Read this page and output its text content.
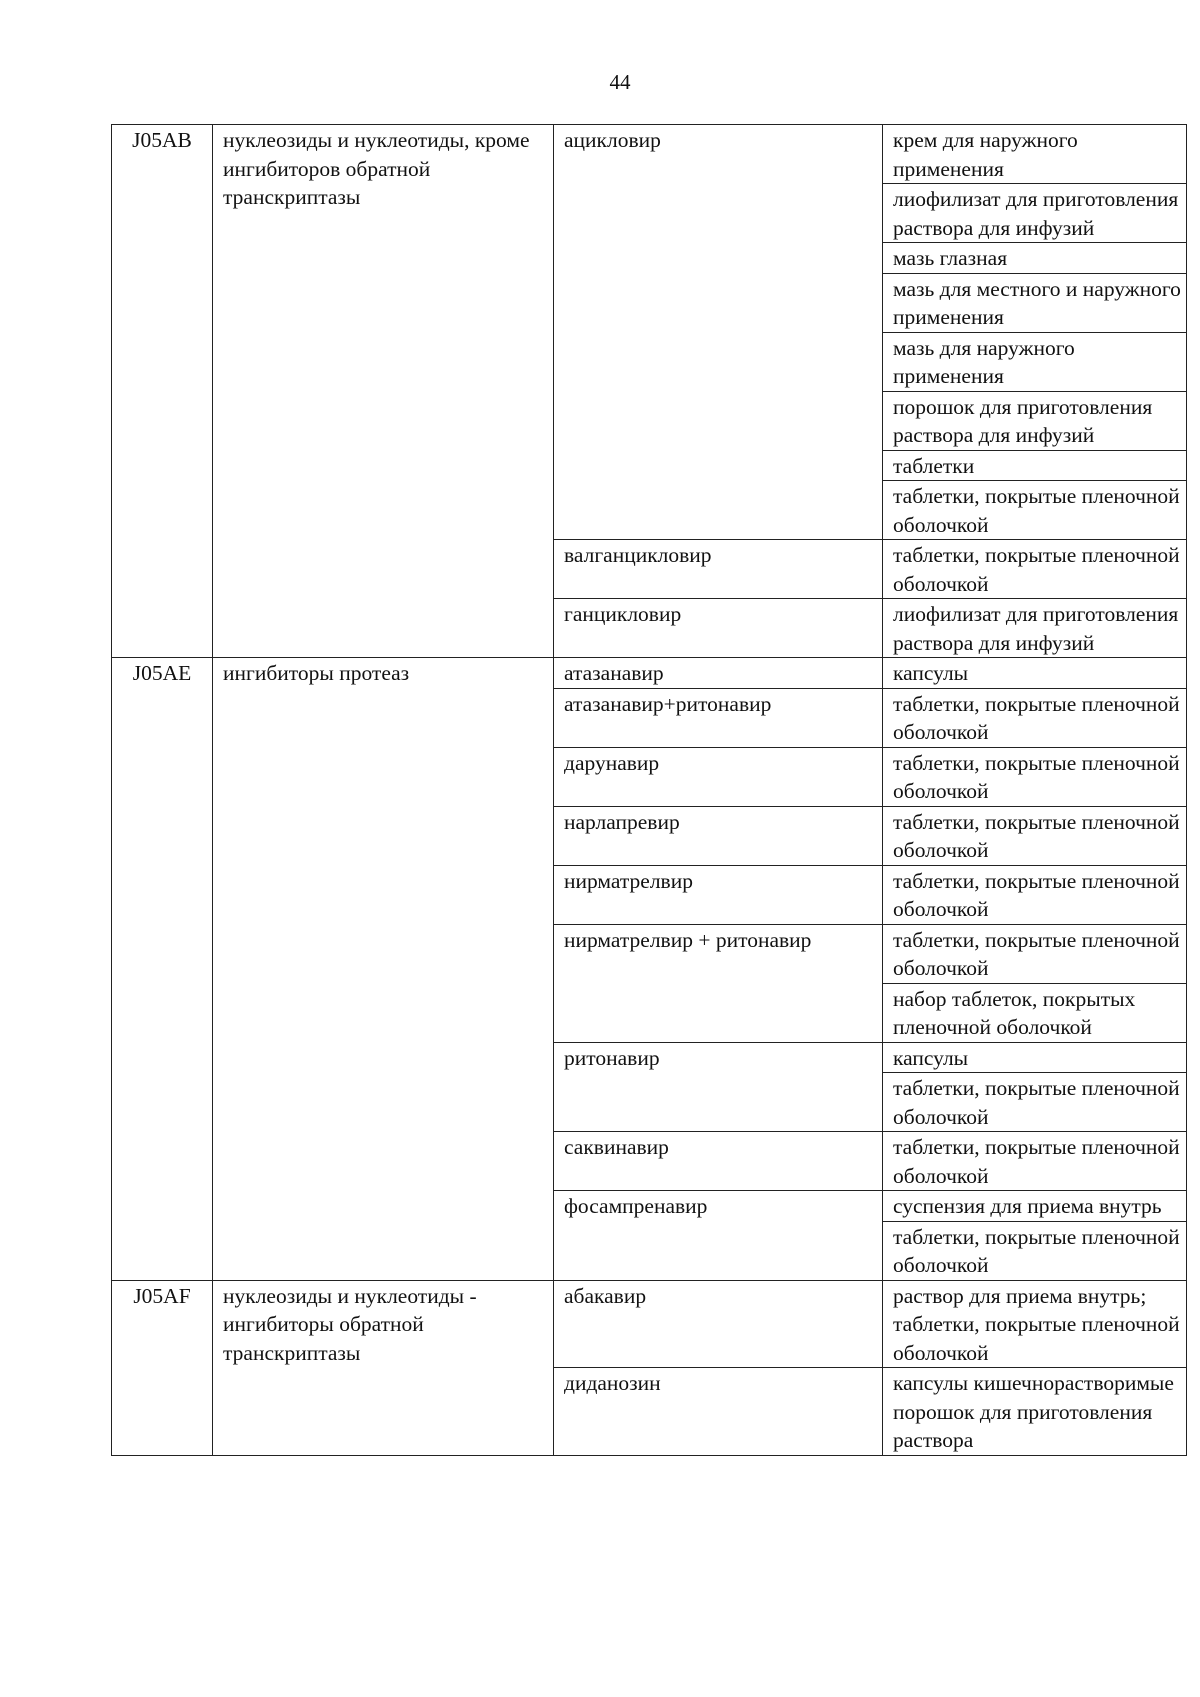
44
J05AB	нуклеозиды и нуклеотиды, кроме ингибиторов обратной транскриптазы	ацикловир	крем для наружного применения
			лиофилизат для приготовления раствора для инфузий
			мазь глазная
			мазь для местного и наружного применения
			мазь для наружного применения
			порошок для приготовления раствора для инфузий
			таблетки
			таблетки, покрытые пленочной оболочкой
		валганцикловир	таблетки, покрытые пленочной оболочкой
		ганцикловир	лиофилизат для приготовления раствора для инфузий
J05AE	ингибиторы протеаз	атазанавир	капсулы
		атазанавир+ритонавир	таблетки, покрытые пленочной оболочкой
		дарунавир	таблетки, покрытые пленочной оболочкой
		нарлапревир	таблетки, покрытые пленочной оболочкой
		нирматрелвир	таблетки, покрытые пленочной оболочкой
		нирматрелвир + ритонавир	таблетки, покрытые пленочной оболочкой
			набор таблеток, покрытых пленочной оболочкой
		ритонавир	капсулы
			таблетки, покрытые пленочной оболочкой
		саквинавир	таблетки, покрытые пленочной оболочкой
		фосампренавир	суспензия для приема внутрь
			таблетки, покрытые пленочной оболочкой
J05AF	нуклеозиды и нуклеотиды - ингибиторы обратной транскриптазы	абакавир	раствор для приема внутрь;
таблетки, покрытые пленочной оболочкой
		диданозин	капсулы кишечнорастворимые
порошок для приготовления раствора
